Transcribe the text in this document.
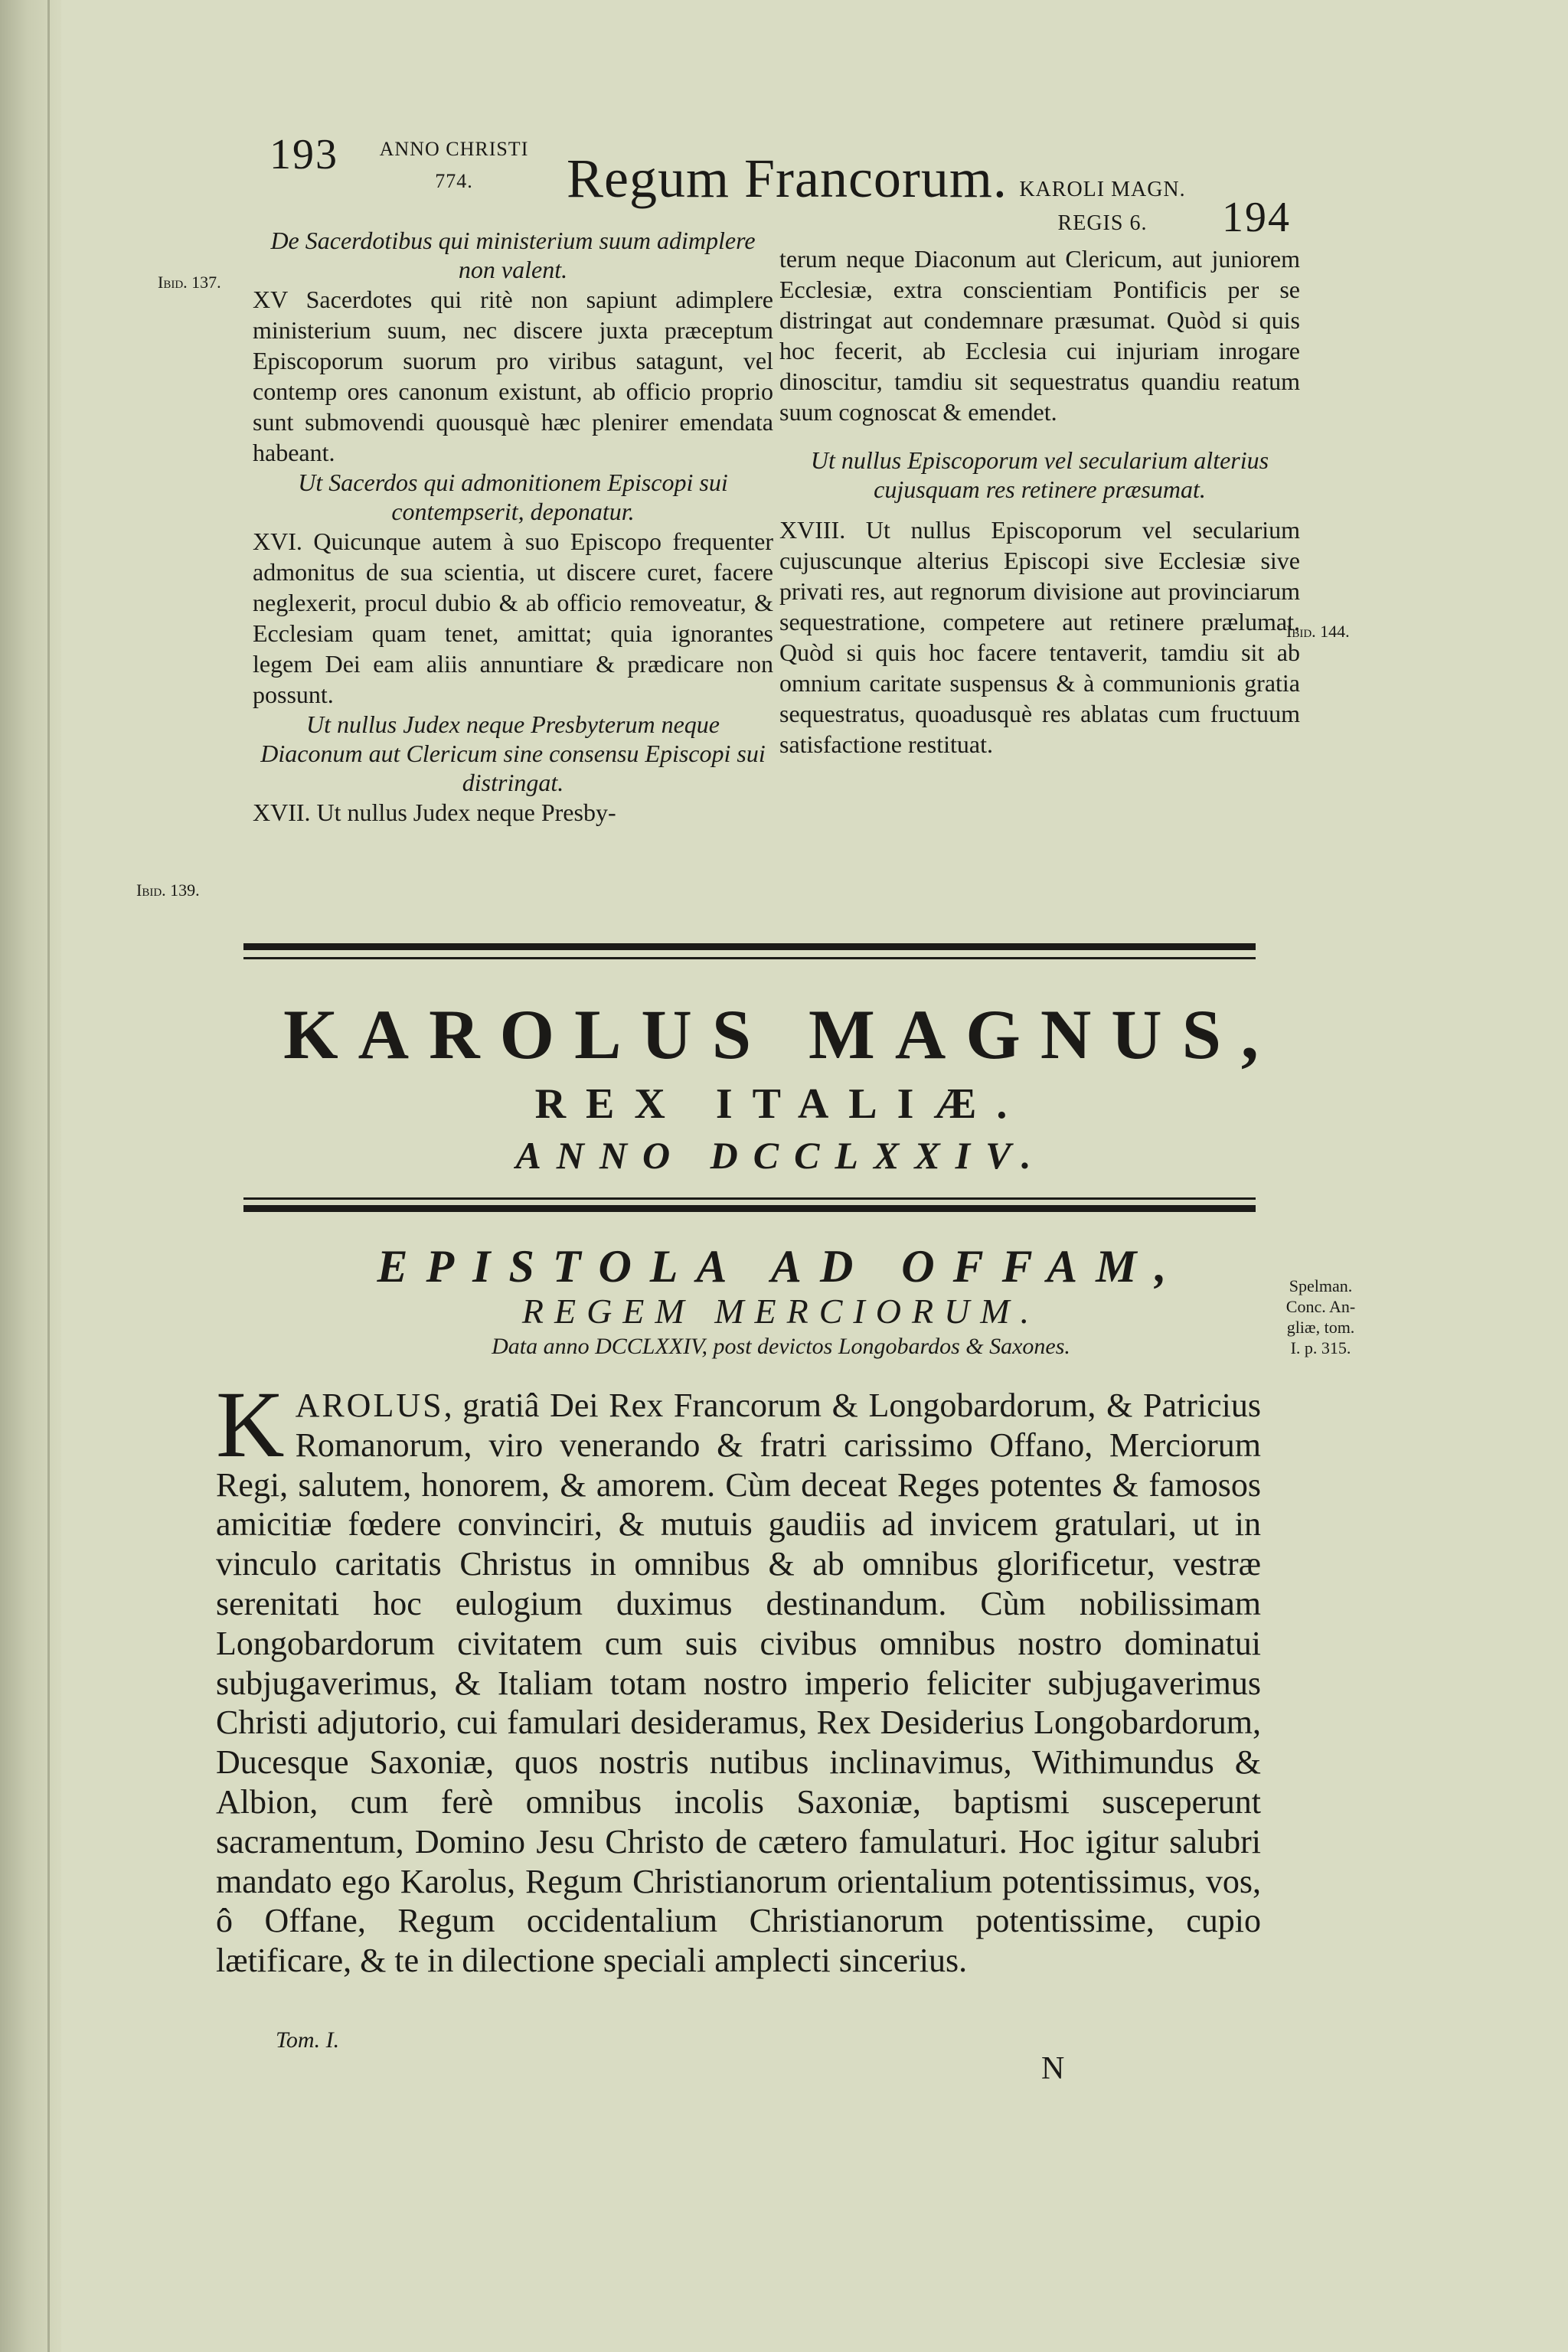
193	ANNO CHRISTI
774.	Regum Francorum. KAROLI MAGN.
REGIS 6.	194
Ibid. 137.
Ibid. 139.
Ibid. 144.

De Sacerdotibus qui ministerium suum adimplere non valent.

XV Sacerdotes qui ritè non sapiunt adimplere ministerium suum, nec discere juxta præceptum Episcoporum suorum pro viribus satagunt, vel contemp ores canonum existunt, ab officio proprio sunt submovendi quousquè hæc plenirer emendata habeant.

Ut Sacerdos qui admonitionem Episcopi sui contempserit, deponatur.

XVI. Quicunque autem à suo Episcopo frequenter admonitus de sua scientia, ut discere curet, facere neglexerit, procul dubio & ab officio removeatur, & Ecclesiam quam tenet, amittat; quia ignorantes legem Dei eam aliis annuntiare & prædicare non possunt.

Ut nullus Judex neque Presbyterum neque Diaconum aut Clericum sine consensu Episcopi sui distringat.

XVII. Ut nullus Judex neque Presby-

terum neque Diaconum aut Clericum, aut juniorem Ecclesiæ, extra conscientiam Pontificis per se distringat aut condemnare præsumat. Quòd si quis hoc fecerit, ab Ecclesia cui injuriam inrogare dinoscitur, tamdiu sit sequestratus quandiu reatum suum cognoscat & emendet.

Ut nullus Episcoporum vel secularium alterius cujusquam res retinere præsumat.

XVIII. Ut nullus Episcoporum vel secularium cujuscunque alterius Episcopi sive Ecclesiæ sive privati res, aut regnorum divisione aut provinciarum sequestratione, competere aut retinere prælumat. Quòd si quis hoc facere tentaverit, tamdiu sit ab omnium caritate suspensus & à communionis gratia sequestratus, quoadusquè res ablatas cum fructuum satisfactione restituat.

KAROLUS MAGNUS,
REX ITALIÆ.
ANNO DCCLXXIV.
EPISTOLA AD OFFAM,
REGEM MERCIORUM.
Data anno DCCLXXIV, post devictos Longobardos & Saxones.
Spelman.
Conc. An-
gliæ, tom.
I. p. 315.
KAROLUS, gratiâ Dei Rex Francorum & Longobardorum, & Patricius Romanorum, viro venerando & fratri carissimo Offano, Merciorum Regi, salutem, honorem, & amorem. Cùm deceat Reges potentes & famosos amicitiæ fœdere convinciri, & mutuis gaudiis ad invicem gratulari, ut in vinculo caritatis Christus in omnibus & ab omnibus glorificetur, vestræ serenitati hoc eulogium duximus destinandum. Cùm nobilissimam Longobardorum civitatem cum suis civibus omnibus nostro dominatui subjugaverimus, & Italiam totam nostro imperio feliciter subjugaverimus Christi adjutorio, cui famulari desideramus, Rex Desiderius Longobardorum, Ducesque Saxoniæ, quos nostris nutibus inclinavimus, Withimundus & Albion, cum ferè omnibus incolis Saxoniæ, baptismi susceperunt sacramentum, Domino Jesu Christo de cætero famulaturi. Hoc igitur salubri mandato ego Karolus, Regum Christianorum orientalium potentissimus, vos, ô Offane, Regum occidentalium Christianorum potentissime, cupio lætificare, & te in dilectione speciali amplecti sincerius.
Tom. I.
N
